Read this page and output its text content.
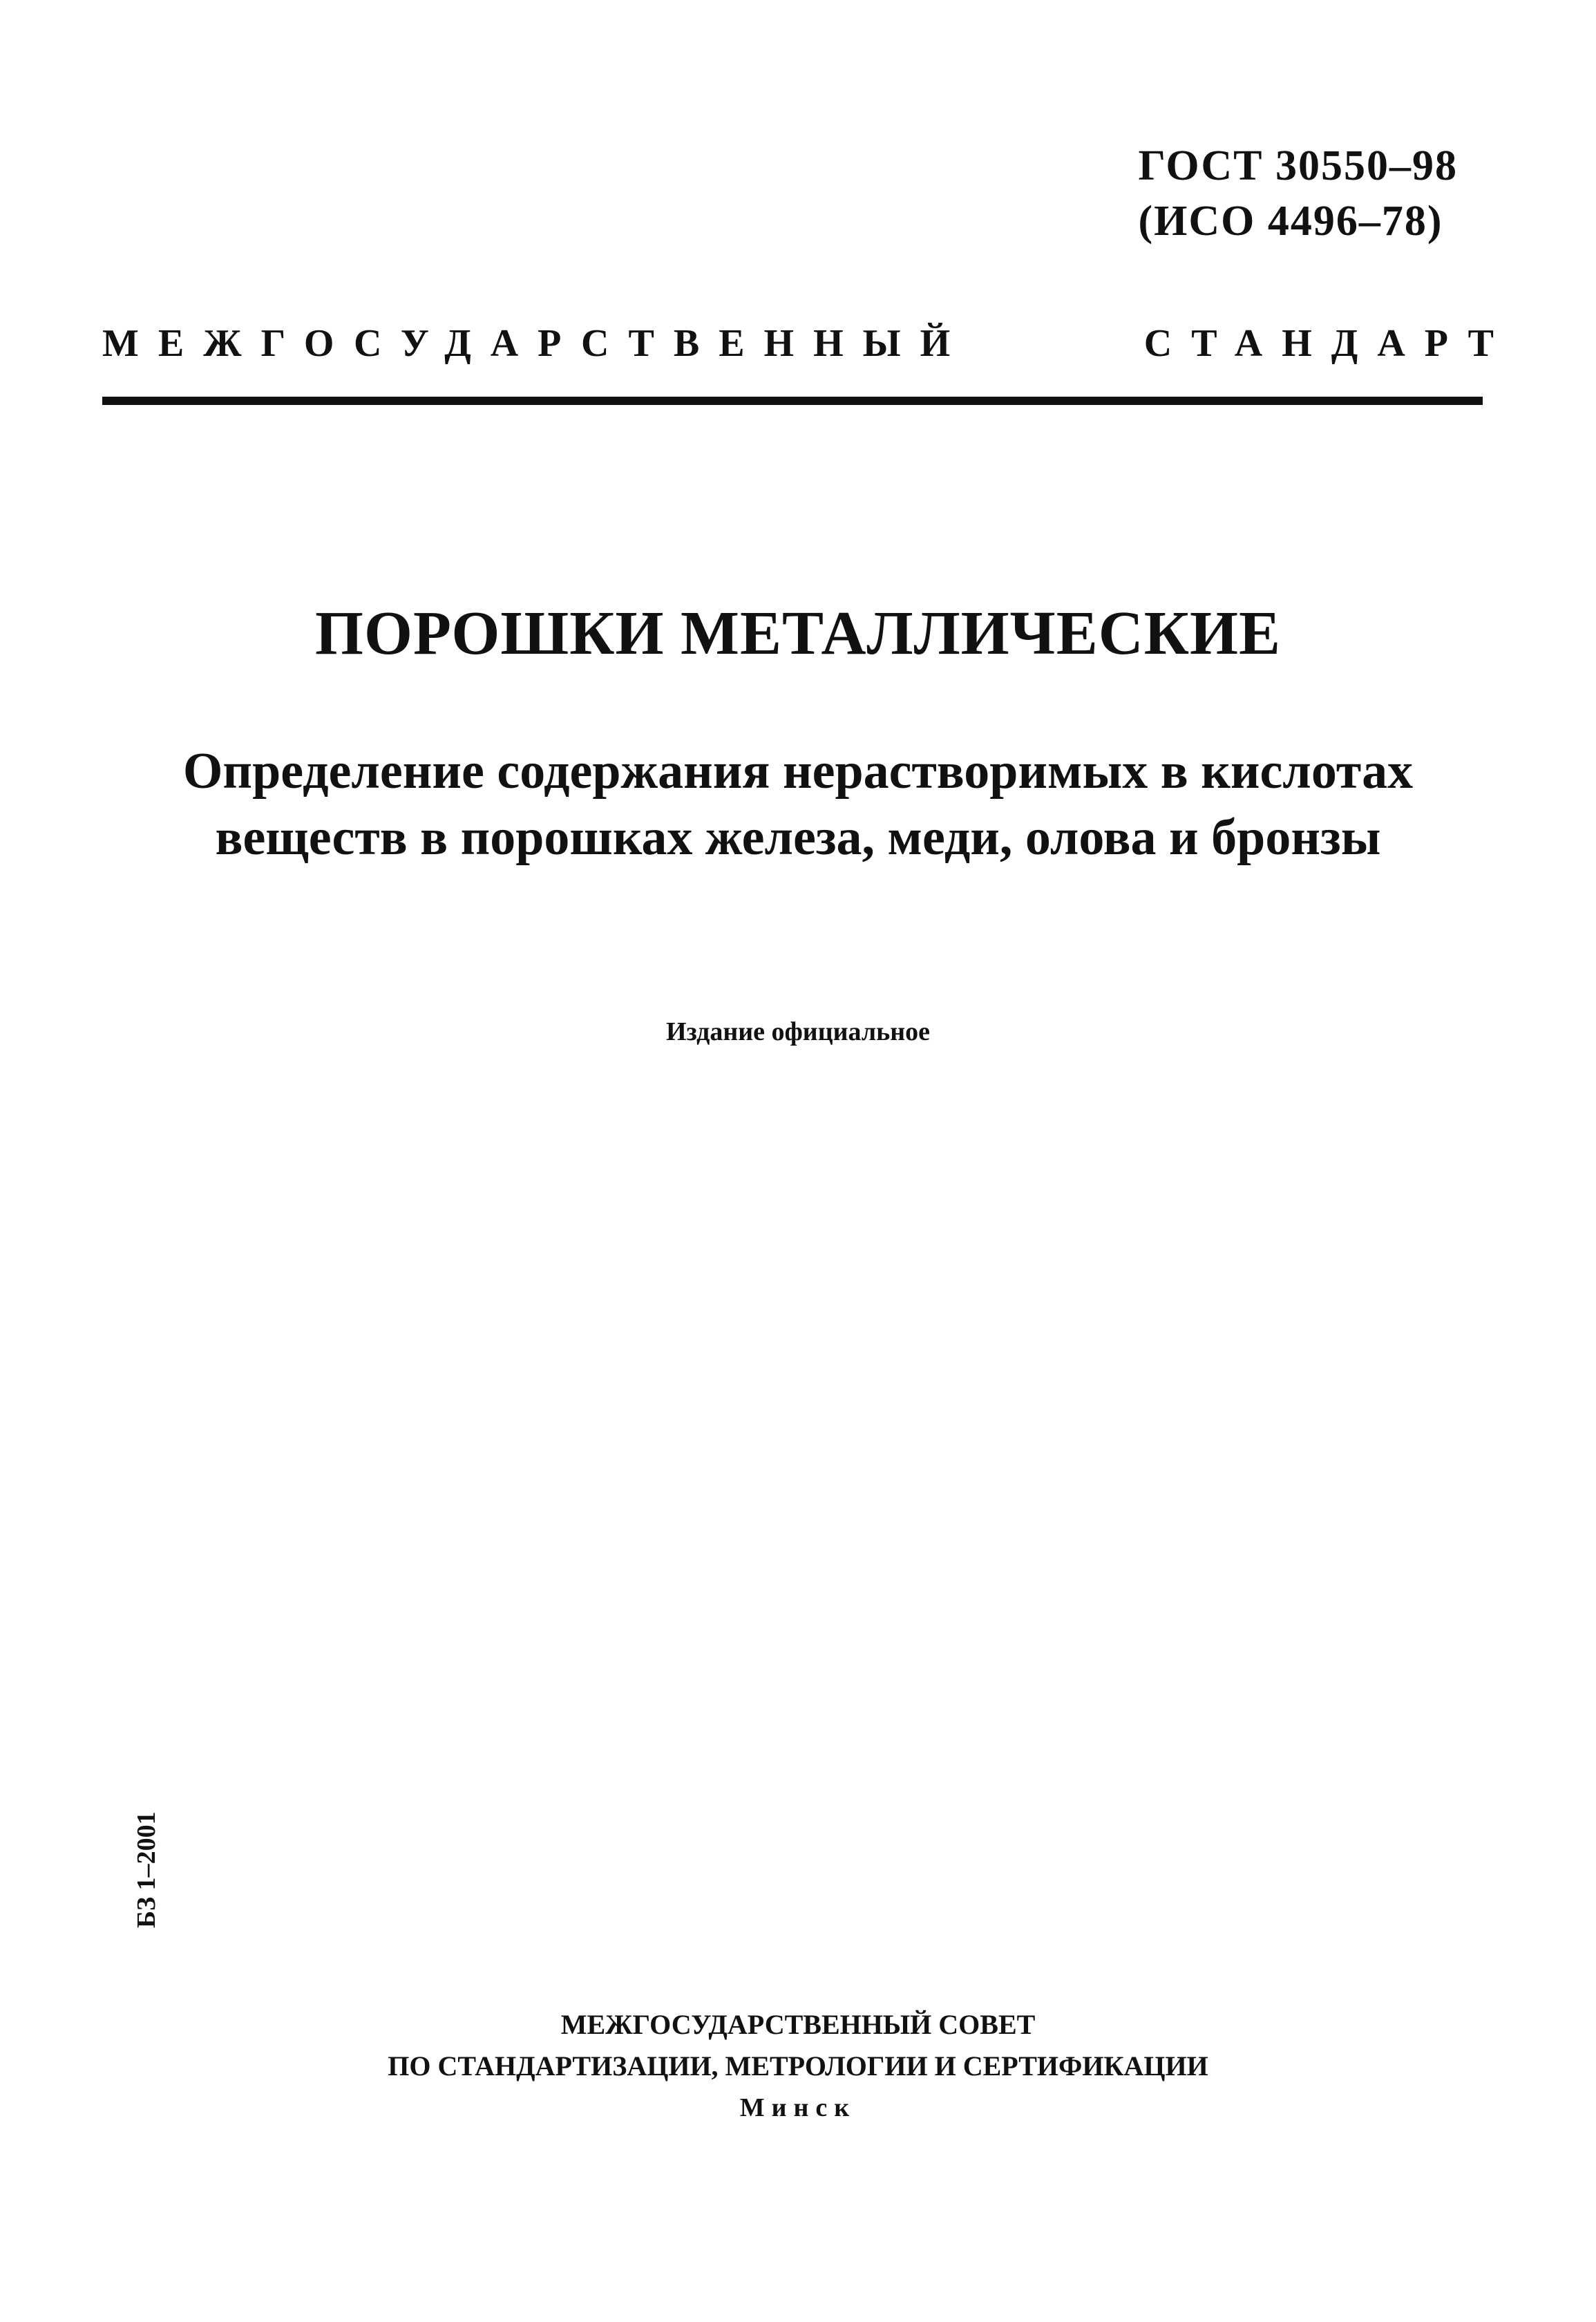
ГОСТ 30550–98
(ИСО 4496–78)
МЕЖГОСУДАРСТВЕННЫЙ	СТАНДАРТ
ПОРОШКИ МЕТАЛЛИЧЕСКИЕ
Определение содержания нерастворимых в кислотах
веществ в порошках железа, меди, олова и бронзы
Издание официальное
БЗ 1–2001
МЕЖГОСУДАРСТВЕННЫЙ СОВЕТ
ПО СТАНДАРТИЗАЦИИ, МЕТРОЛОГИИ И СЕРТИФИКАЦИИ
Минск
